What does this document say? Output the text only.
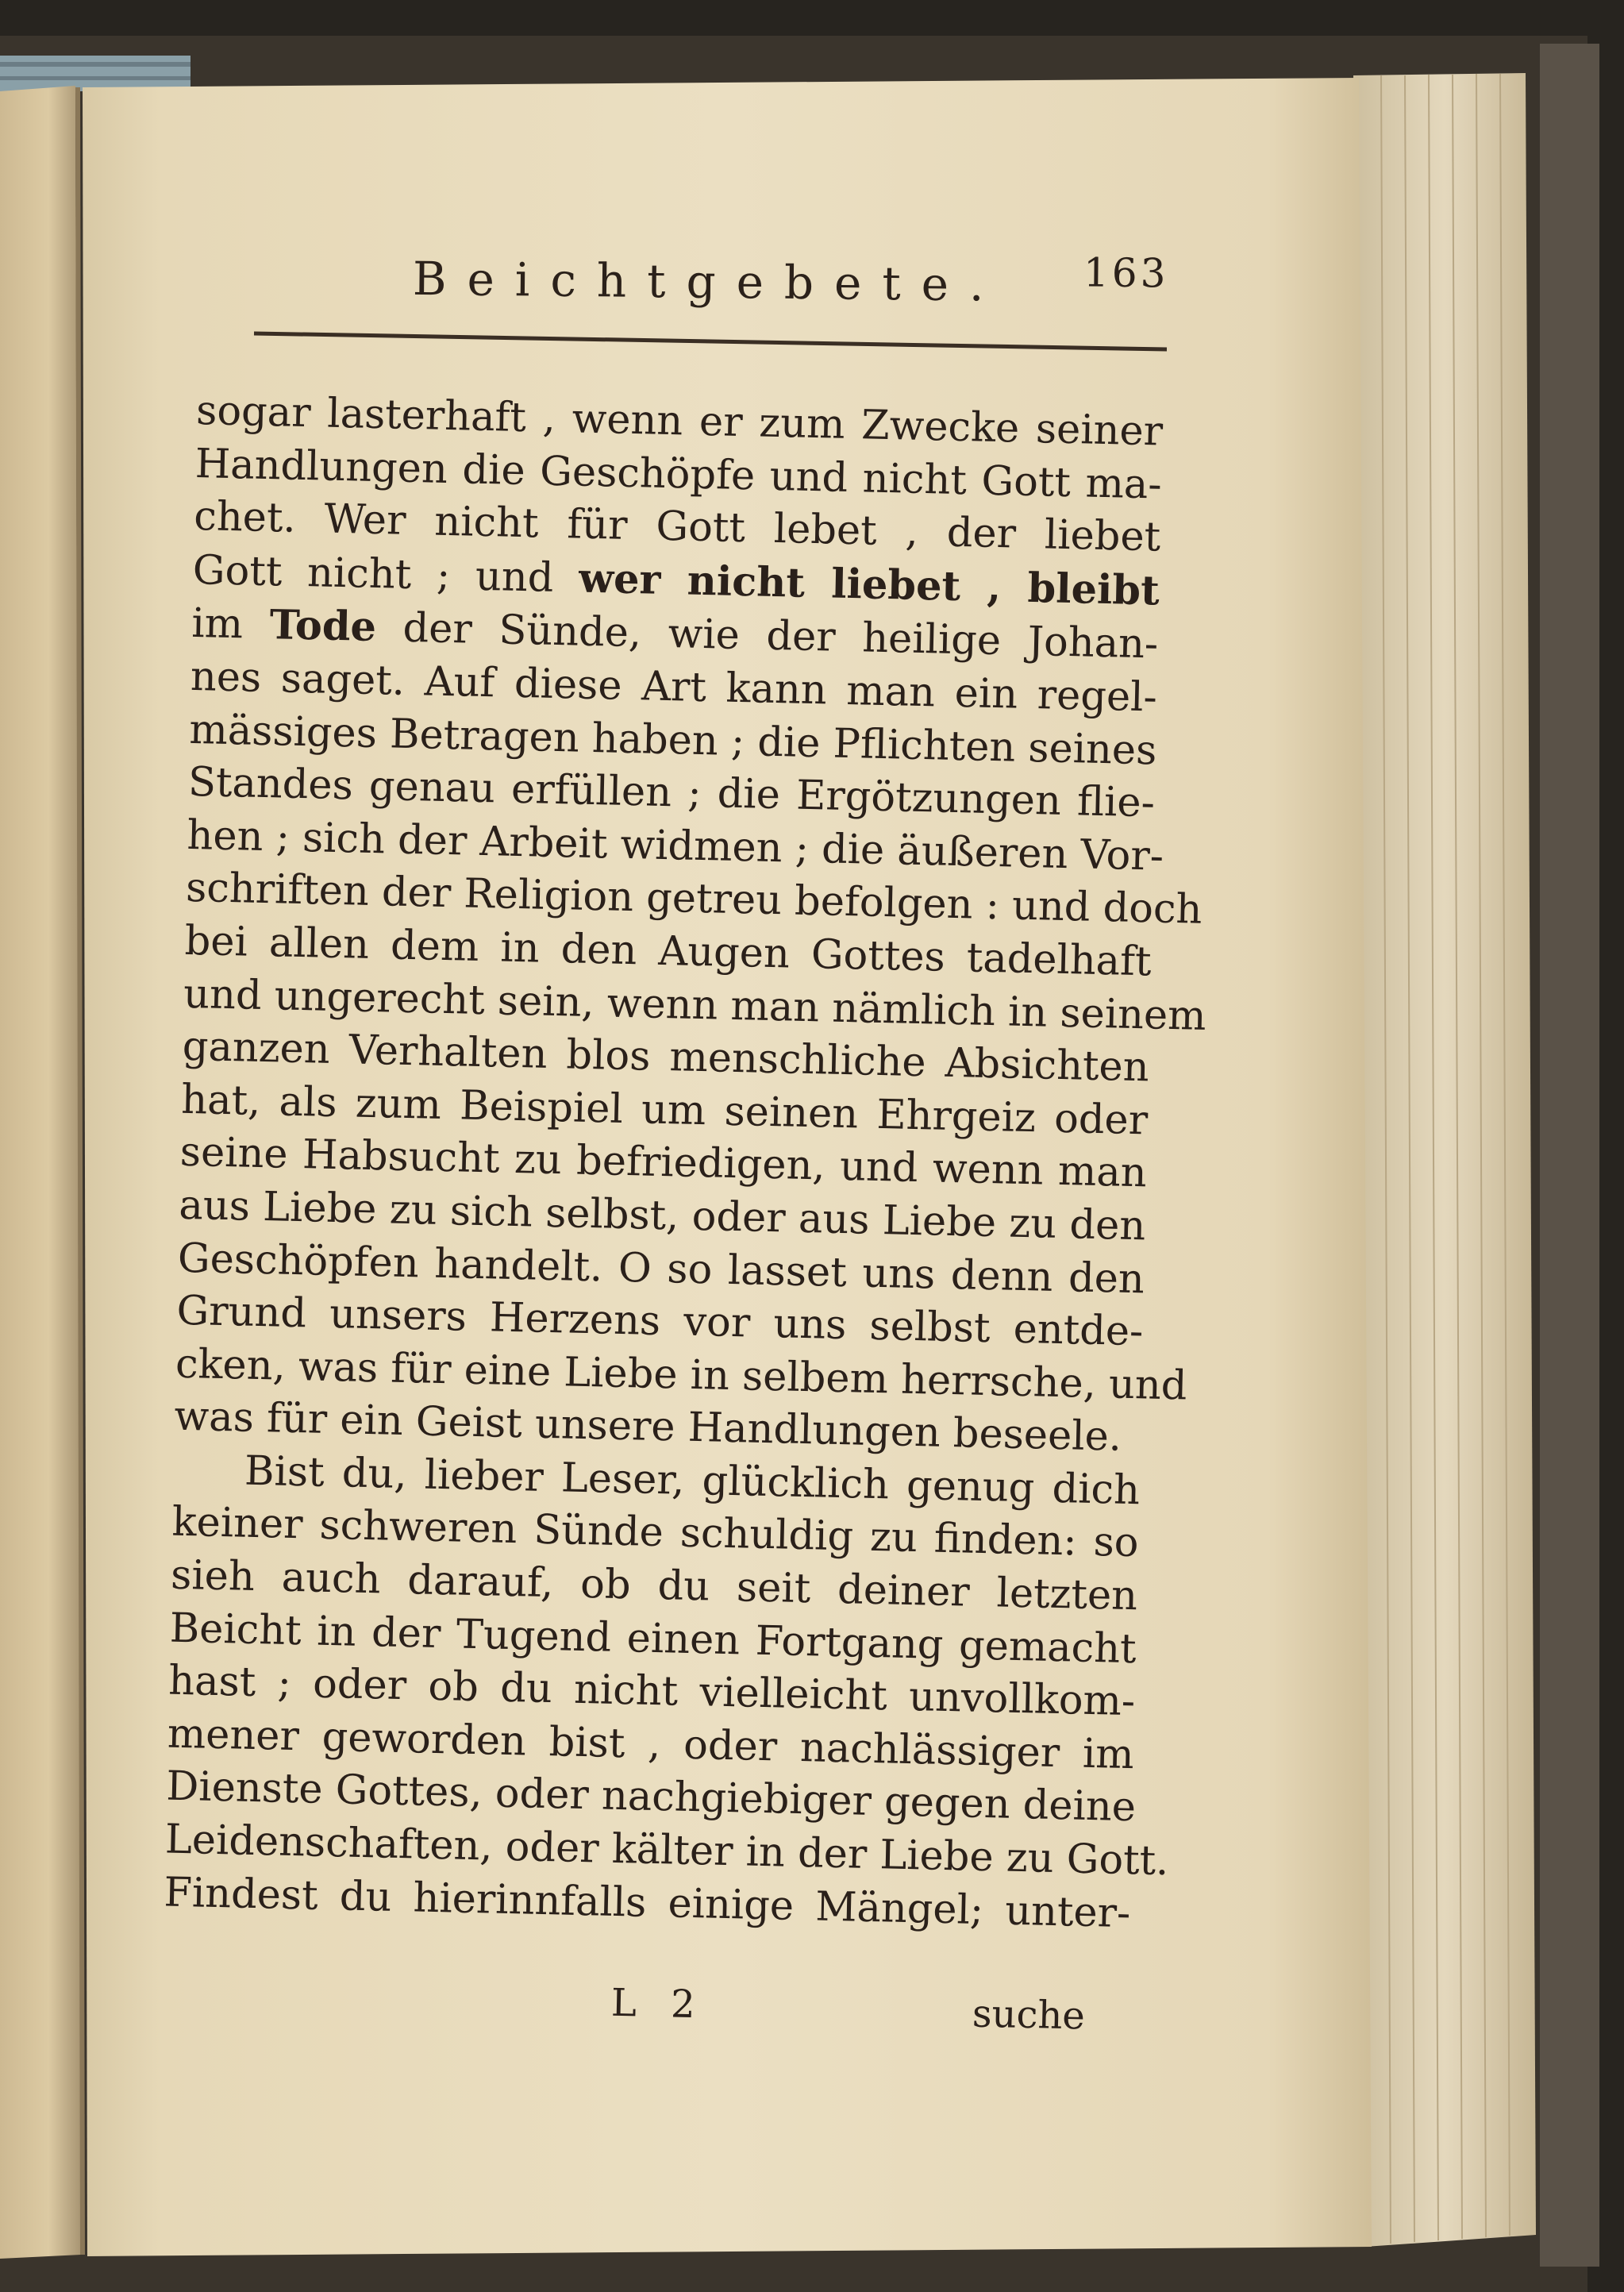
Beichtgebete.	163
sogar lasterhaft , wenn er zum Zwecke seiner
Handlungen die Geschöpfe und nicht Gott ma-
chet. Wer nicht für Gott lebet , der liebet
Gott nicht ; und wer nicht liebet , bleibt
im Tode der Sünde, wie der heilige Johan-
nes saget. Auf diese Art kann man ein regel-
mässiges Betragen haben ; die Pflichten seines
Standes genau erfüllen ; die Ergötzungen flie-
hen ; sich der Arbeit widmen ; die äußeren Vor-
schriften der Religion getreu befolgen : und doch
bei allen dem in den Augen Gottes tadelhaft
und ungerecht sein, wenn man nämlich in seinem
ganzen Verhalten blos menschliche Absichten
hat, als zum Beispiel um seinen Ehrgeiz oder
seine Habsucht zu befriedigen, und wenn man
aus Liebe zu sich selbst, oder aus Liebe zu den
Geschöpfen handelt. O so lasset uns denn den
Grund unsers Herzens vor uns selbst entde-
cken, was für eine Liebe in selbem herrsche, und
was für ein Geist unsere Handlungen beseele.
Bist du, lieber Leser, glücklich genug dich
keiner schweren Sünde schuldig zu finden: so
sieh auch darauf, ob du seit deiner letzten
Beicht in der Tugend einen Fortgang gemacht
hast ; oder ob du nicht vielleicht unvollkom-
mener geworden bist , oder nachlässiger im
Dienste Gottes, oder nachgiebiger gegen deine
Leidenschaften, oder kälter in der Liebe zu Gott.
Findest du hierinnfalls einige Mängel; unter-
L 2	suche
